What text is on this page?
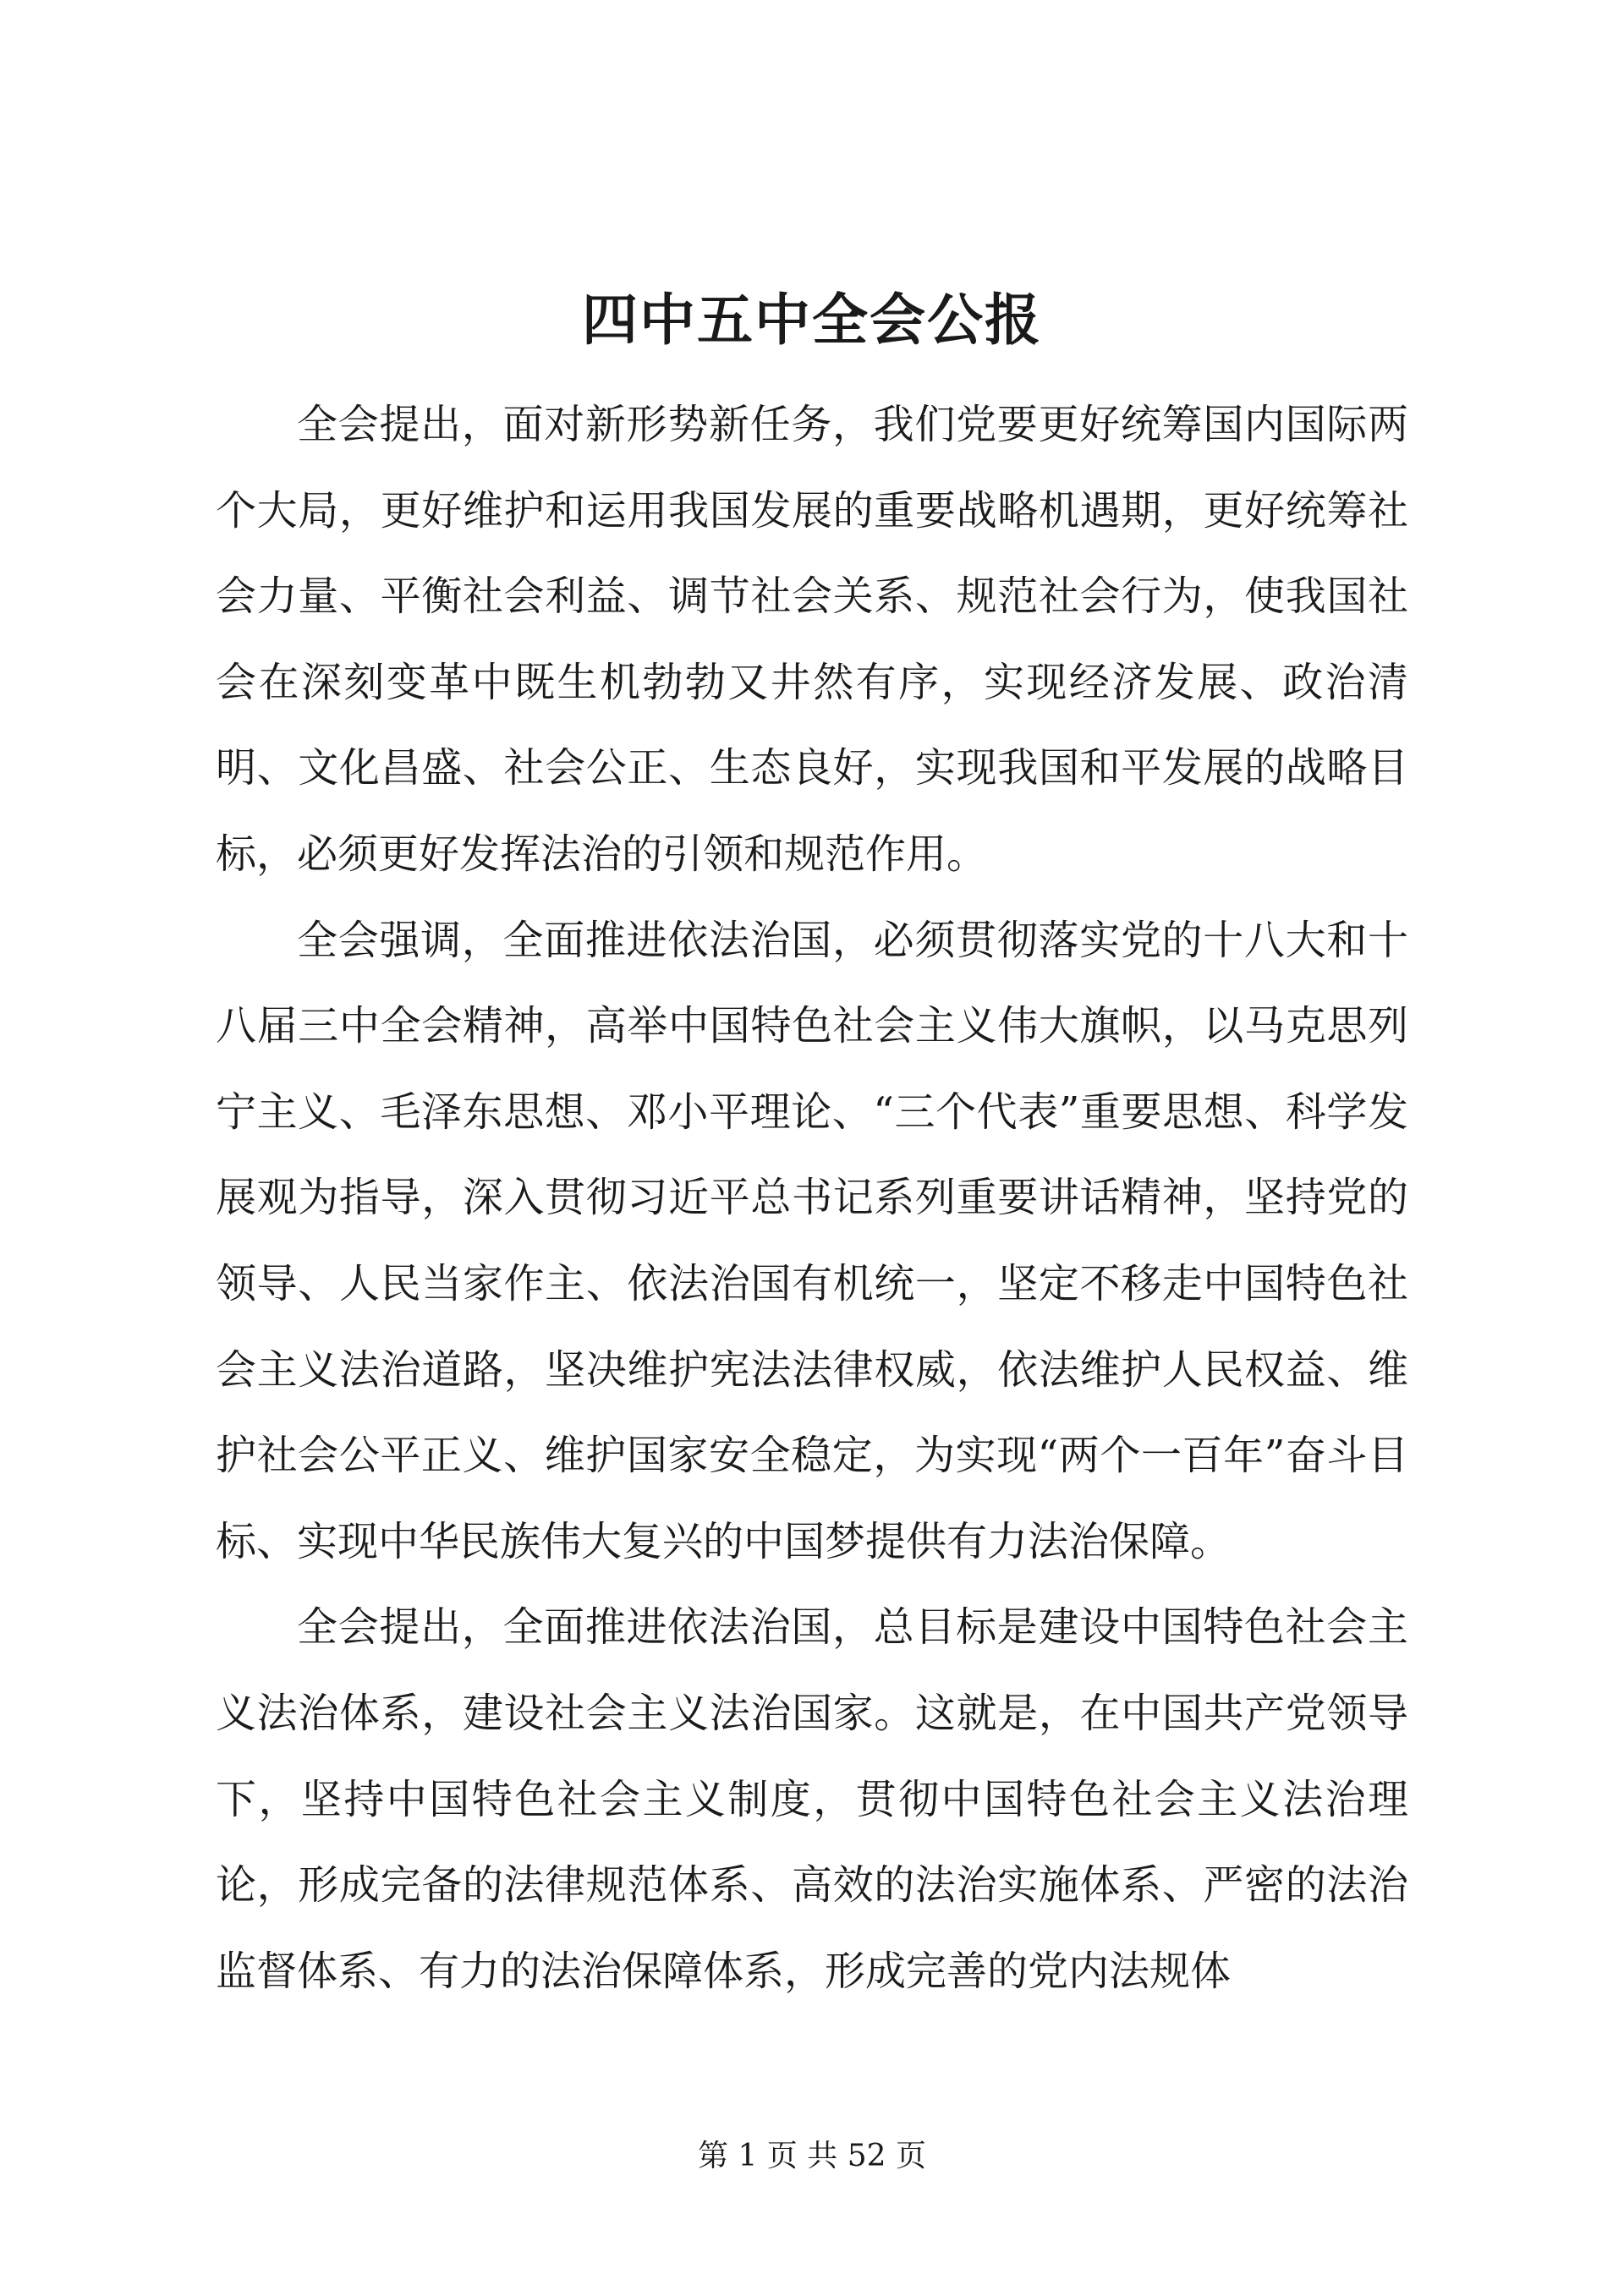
四中五中全会公报

全会提出，面对新形势新任务，我们党要更好统筹国内国际两个大局，更好维护和运用我国发展的重要战略机遇期，更好统筹社会力量、平衡社会利益、调节社会关系、规范社会行为，使我国社会在深刻变革中既生机勃勃又井然有序，实现经济发展、政治清明、文化昌盛、社会公正、生态良好，实现我国和平发展的战略目标，必须更好发挥法治的引领和规范作用。

全会强调，全面推进依法治国，必须贯彻落实党的十八大和十八届三中全会精神，高举中国特色社会主义伟大旗帜，以马克思列宁主义、毛泽东思想、邓小平理论、“三个代表”重要思想、科学发展观为指导，深入贯彻习近平总书记系列重要讲话精神，坚持党的领导、人民当家作主、依法治国有机统一，坚定不移走中国特色社会主义法治道路，坚决维护宪法法律权威，依法维护人民权益、维护社会公平正义、维护国家安全稳定，为实现“两个一百年”奋斗目标、实现中华民族伟大复兴的中国梦提供有力法治保障。

全会提出，全面推进依法治国，总目标是建设中国特色社会主义法治体系，建设社会主义法治国家。这就是，在中国共产党领导下，坚持中国特色社会主义制度，贯彻中国特色社会主义法治理论，形成完备的法律规范体系、高效的法治实施体系、严密的法治监督体系、有力的法治保障体系，形成完善的党内法规体

第 1 页 共 52 页
